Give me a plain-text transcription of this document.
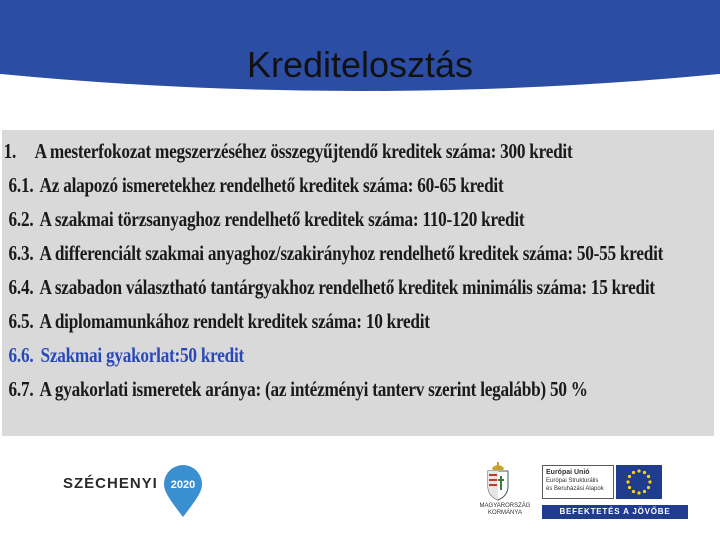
Kreditelosztás
1. A mesterfokozat megszerzéséhez összegyűjtendő kreditek száma: 300 kredit
6.1. Az alapozó ismeretekhez rendelhető kreditek száma: 60-65 kredit
6.2. A szakmai törzsanyaghoz rendelhető kreditek száma: 110-120 kredit
6.3. A differenciált szakmai anyaghoz/szakirányhoz rendelhető kreditek száma: 50-55 kredit
6.4. A szabadon választható tantárgyakhoz rendelhető kreditek minimális száma: 15 kredit
6.5. A diplomamunkához rendelt kreditek száma: 10 kredit
6.6. Szakmai gyakorlat:50 kredit
6.7. A gyakorlati ismeretek aránya: (az intézményi tanterv szerint legalább) 50 %
SZÉCHENYI 2020
MAGYARORSZÁG
KORMÁNYA
Európai Unió
Európai Strukturális
és Beruházási Alapok
BEFEKTETÉS A JÖVŐBE
